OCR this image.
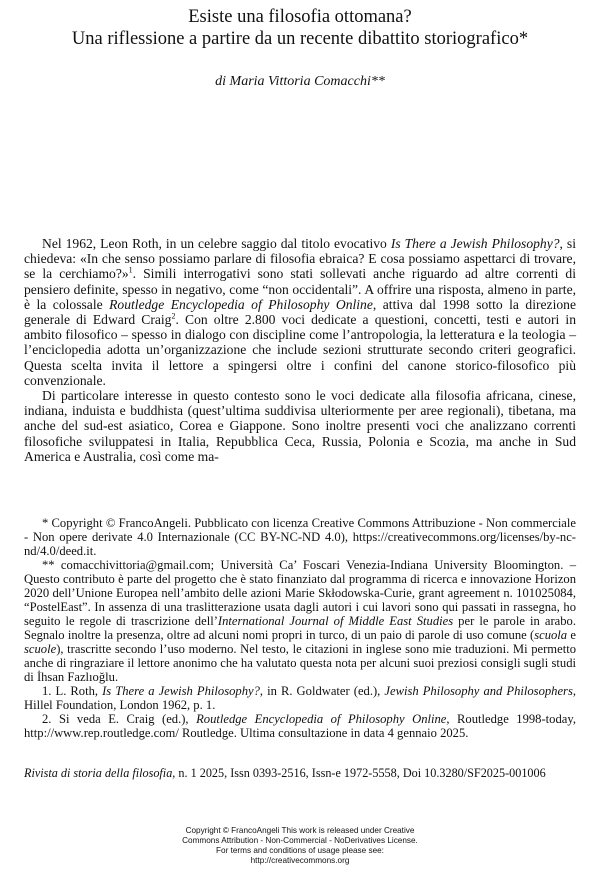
Esiste una filosofia ottomana?
Una riflessione a partire da un recente dibattito storiografico*
di Maria Vittoria Comacchi**

Nel 1962, Leon Roth, in un celebre saggio dal titolo evocativo Is There a Jewish Philosophy?, si chiedeva: «In che senso possiamo parlare di filosofia ebraica? E cosa possiamo aspettarci di trovare, se la cerchiamo?»$^1$. Simili interrogativi sono stati sollevati anche riguardo ad altre correnti di pensiero definite, spesso in negativo, come “non occidentali”. A offrire una risposta, almeno in parte, è la colossale Routledge Encyclopedia of Philosophy Online, attiva dal 1998 sotto la direzione generale di Edward Craig$^2$. Con oltre 2.800 voci dedicate a questioni, concetti, testi e autori in ambito filosofico – spesso in dialogo con discipline come l’antropologia, la letteratura e la teologia – l’enciclopedia adotta un’organizzazione che include sezioni strutturate secondo criteri geografici. Questa scelta invita il lettore a spingersi oltre i confini del canone storico-filosofico più convenzionale.

Di particolare interesse in questo contesto sono le voci dedicate alla filosofia africana, cinese, indiana, induista e buddhista (quest’ultima suddivisa ulteriormente per aree regionali), tibetana, ma anche del sud-est asiatico, Corea e Giappone. Sono inoltre presenti voci che analizzano correnti filosofiche sviluppatesi in Italia, Repubblica Ceca, Russia, Polonia e Scozia, ma anche in Sud America e Australia, così come ma-

* Copyright © FrancoAngeli. Pubblicato con licenza Creative Commons Attribuzione - Non commerciale - Non opere derivate 4.0 Internazionale (CC BY-NC-ND 4.0), https://creativecommons.org/licenses/by-nc-nd/4.0/deed.it.

** comacchivittoria@gmail.com; Università Ca’ Foscari Venezia-Indiana University Bloomington. – Questo contributo è parte del progetto che è stato finanziato dal programma di ricerca e innovazione Horizon 2020 dell’Unione Europea nell’ambito delle azioni Marie Skłodowska-Curie, grant agreement n. 101025084, “PostelEast”. In assenza di una traslitterazione usata dagli autori i cui lavori sono qui passati in rassegna, ho seguito le regole di trascrizione dell’International Journal of Middle East Studies per le parole in arabo. Segnalo inoltre la presenza, oltre ad alcuni nomi propri in turco, di un paio di parole di uso comune (scuola e scuole), trascritte secondo l’uso moderno. Nel testo, le citazioni in inglese sono mie traduzioni. Mi permetto anche di ringraziare il lettore anonimo che ha valutato questa nota per alcuni suoi preziosi consigli sugli studi di İhsan Fazlıoğlu.

1. L. Roth, Is There a Jewish Philosophy?, in R. Goldwater (ed.), Jewish Philosophy and Philosophers, Hillel Foundation, London 1962, p. 1.

2. Si veda E. Craig (ed.), Routledge Encyclopedia of Philosophy Online, Routledge 1998-today, http://www.rep.routledge.com/ Routledge. Ultima consultazione in data 4 gennaio 2025.

Rivista di storia della filosofia, n. 1 2025, Issn 0393-2516, Issn-e 1972-5558, Doi 10.3280/SF2025-001006
Copyright © FrancoAngeli This work is released under Creative
Commons Attribution - Non-Commercial - NoDerivatives License.
For terms and conditions of usage please see:
http://creativecommons.org
